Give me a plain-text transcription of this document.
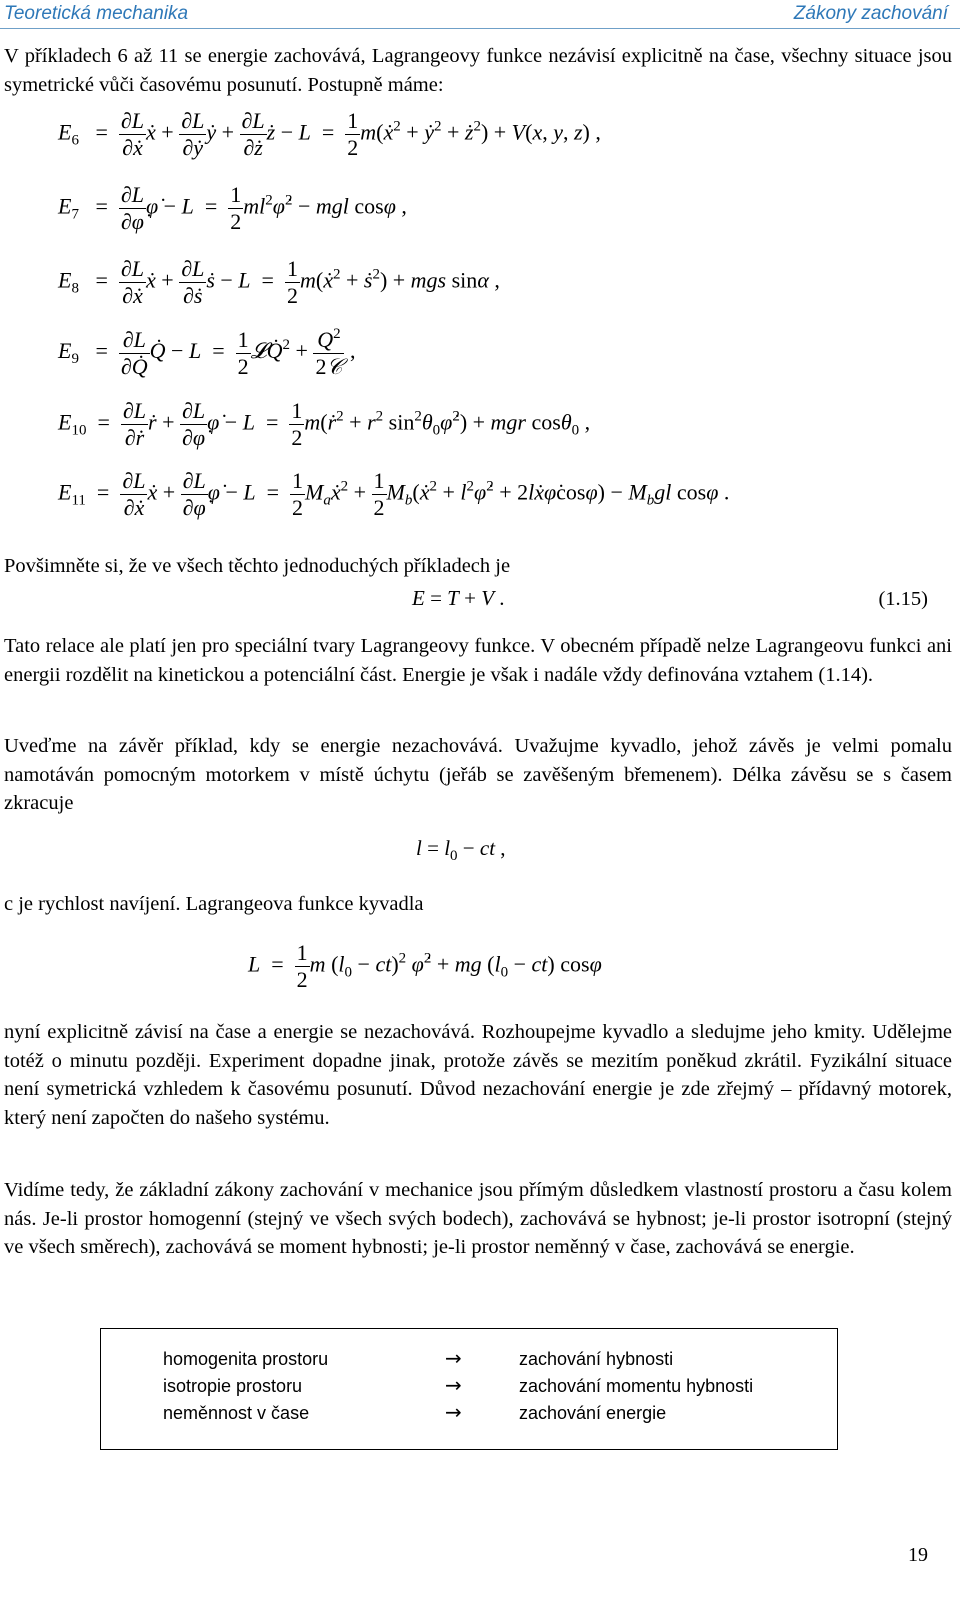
Teoretická mechanika	Zákony zachování

V příkladech 6 až 11 se energie zachovává, Lagrangeovy funkce nezávisí explicitně na čase, všechny situace jsou symetrické vůči časovému posunutí. Postupně máme:

$E_6 = \frac{\partial L}{\text{∂ẋ}}$ ẋ + $\frac{\partial L}{\text{∂ẏ}}$ ẏ + $\frac{\partial L}{\partial ż}$ ż − $L = \frac{1}{2}$ m(ẋ$^2$ + ẏ$^2$ + $ż^2) + V(x$, y, z) ,
$E_7 = \frac{\partial L}{\partial\varphi̇}$ φ̇ − $L = \frac{1}{2}$ $ml^2\varphi̇^2$ − mgl cosφ ,
$E_8 = \frac{\partial L}{\text{∂ẋ}}$ ẋ + $\frac{\partial L}{\text{∂ṡ}}$ ṡ − $L = \frac{1}{2}$ m(ẋ$^2$ + ṡ$^2$) + mgs sinα ,
$E_9 = \frac{\partial L}{\partial Q̇}$ Q̇ − $L = \frac{1}{2}$ 𝓛Q̇$^2$ + $\frac{Q^2}{\text{2𝒞}}$ ,
$E_{10} = \frac{\partial L}{\text{∂ṙ}}$ ṙ + $\frac{\partial L}{\partial\varphi̇}$ φ̇ − $L = \frac{1}{2}$ m(ṙ$^2$ + $r^2$ $\sin^2\theta_0\varphi̇^2$) + mgr cosθ$_0$ ,
$E_{11} = \frac{\partial L}{\text{∂ẋ}}$ ẋ + $\frac{\partial L}{\partial\varphi̇}$ φ̇ − $L = \frac{1}{2}$ $M_aẋ^2 + \frac{1}{2}$ $M_b(ẋ^2$ + $l^2\varphi̇^2$ + 2lẋφ̇cosφ) − $M_bgl$ cosφ .

Povšimněte si, že ve všech těchto jednoduchých příkladech je

E = T + V .	(1.15)

Tato relace ale platí jen pro speciální tvary Lagrangeovy funkce. V obecném případě nelze Lagrangeovu funkci ani energii rozdělit na kinetickou a potenciální část. Energie je však i nadále vždy definována vztahem (1.14).

Uveďme na závěr příklad, kdy se energie nezachovává. Uvažujme kyvadlo, jehož závěs je velmi pomalu namotáván pomocným motorkem v místě úchytu (jeřáb se zavěšeným břemenem). Délka závěsu se s časem zkracuje

$l = l_0$ − ct ,

c je rychlost navíjení. Lagrangeova funkce kyvadla

$L = \frac{1}{2}$ m $(l_0 - ct)^2$ φ̇$^2$ + mg $(l_0 - ct)$ cosφ

nyní explicitně závisí na čase a energie se nezachovává. Rozhoupejme kyvadlo a sledujme jeho kmity. Udělejme totéž o minutu později. Experiment dopadne jinak, protože závěs se mezitím poněkud zkrátil. Fyzikální situace není symetrická vzhledem k časovému posunutí. Důvod nezachování energie je zde zřejmý – přídavný motorek, který není započten do našeho systému.

Vidíme tedy, že základní zákony zachování v mechanice jsou přímým důsledkem vlastností prostoru a času kolem nás. Je-li prostor homogenní (stejný ve všech svých bodech), zachovává se hybnost; je-li prostor isotropní (stejný ve všech směrech), zachovává se moment hybnosti; je-li prostor neměnný v čase, zachovává se energie.

homogenita prostoru	→	zachování hybnosti
isotropie prostoru	→	zachování momentu hybnosti
neměnnost v čase	→	zachování energie
19
